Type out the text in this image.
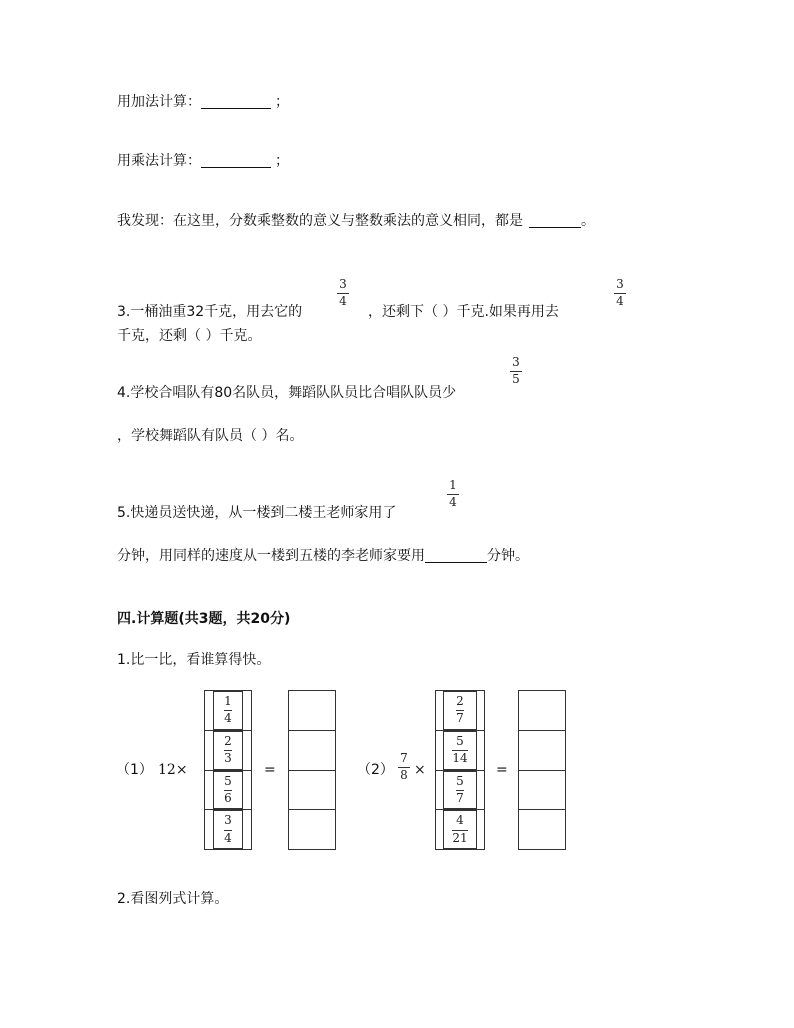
用加法计算：	；
用乘法计算：	；
我发现：在这里，分数乘整数的意义与整数乘法的意义相同，都是	。
3
4
3
4
3.一桶油重32千克，用去它的	，还剩下（ ）千克.如果再用去
千克，还剩（ ）千克。
3
5
4.学校合唱队有80名队员，舞蹈队队员比合唱队队员少
，学校舞蹈队有队员（ ）名。
1
4
5.快递员送快递，从一楼到二楼王老师家用了
分钟，用同样的速度从一楼到五楼的李老师家要用	分钟。
四.计算题(共3题，共20分)
1.比一比，看谁算得快。
（1） 12×
$\frac{1}{4}$
$\frac{2}{3}$
$\frac{5}{6}$
$\frac{3}{4}$
=	（2）
7
8 ×
$\frac{2}{7}$
$\frac{5}{14}$
$\frac{5}{7}$
$\frac{4}{21}$
=
2.看图列式计算。
